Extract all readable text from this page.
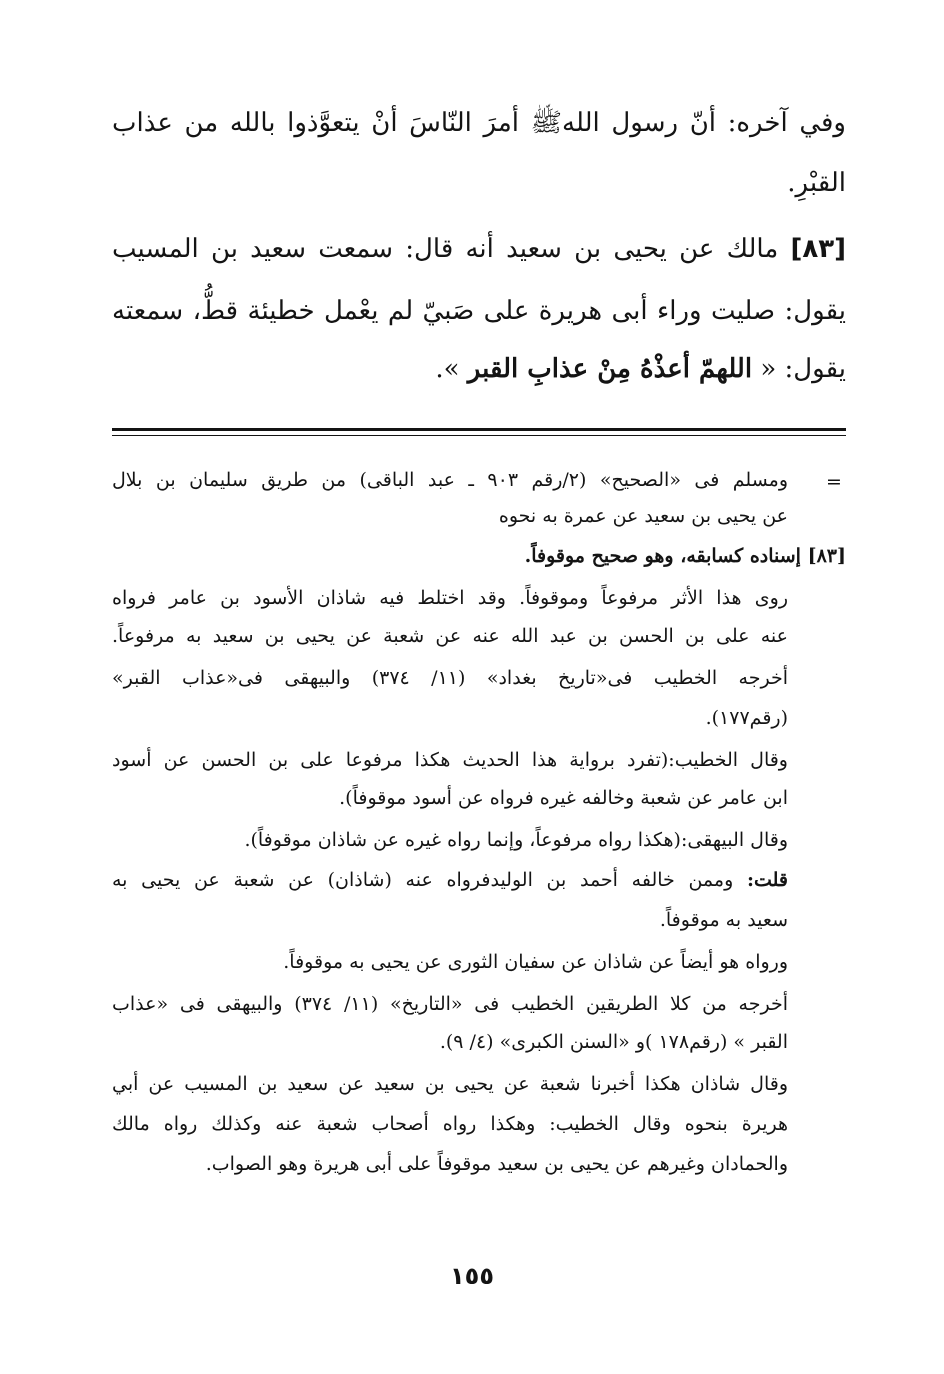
وفي آخره: أنّ رسول اللهﷺ أمرَ النّاسَ أنْ يتعوَّذوا بالله من عذاب
القبْرِ.
[٨٣] مالك عن يحيى بن سعيد أنه قال: سمعت سعيد بن المسيب
يقول: صليت وراء أبى هريرة على صَبيّ لم يعْمل خطيئة قطُّ، سمعته
يقول: « اللهمّ أعذْهُ مِنْ عذابِ القبر ».
=
ومسلم فى «الصحيح» (٢/رقم ٩٠٣ ـ عبد الباقى) من طريق سليمان بن بلال
عن يحيى بن سعيد عن عمرة به نحوه
[٨٣] إسناده كسابقه، وهو صحيح موقوفاً.
روى هذا الأثر مرفوعاً وموقوفاً. وقد اختلط فيه شاذان الأسود بن عامر فرواه
عنه على بن الحسن بن عبد الله عنه عن شعبة عن يحيى بن سعيد به مرفوعاً.
أخرجه الخطيب فى«تاريخ بغداد» (١١/ ٣٧٤) والبيهقى فى«عذاب القبر»
(رقم١٧٧).
وقال الخطيب:(تفرد برواية هذا الحديث هكذا مرفوعا على بن الحسن عن أسود
ابن عامر عن شعبة وخالفه غيره فرواه عن أسود موقوفاً).
وقال البيهقى:(هكذا رواه مرفوعاً، وإنما رواه غيره عن شاذان موقوفاً).
قلت: وممن خالفه أحمد بن الوليدفرواه عنه (شاذان) عن شعبة عن يحيى به
سعيد به موقوفاً.
ورواه هو أيضاً عن شاذان عن سفيان الثورى عن يحيى به موقوفاً.
أخرجه من كلا الطريقين الخطيب فى «التاريخ» (١١/ ٣٧٤) والبيهقى فى «عذاب
القبر » (رقم١٧٨ )و «السنن الكبرى» (٤/ ٩).
وقال شاذان هكذا أخبرنا شعبة عن يحيى بن سعيد عن سعيد بن المسيب عن أبي
هريرة بنحوه وقال الخطيب: وهكذا رواه أصحاب شعبة عنه وكذلك رواه مالك
والحمادان وغيرهم عن يحيى بن سعيد موقوفاً على أبى هريرة وهو الصواب.
١٥٥
